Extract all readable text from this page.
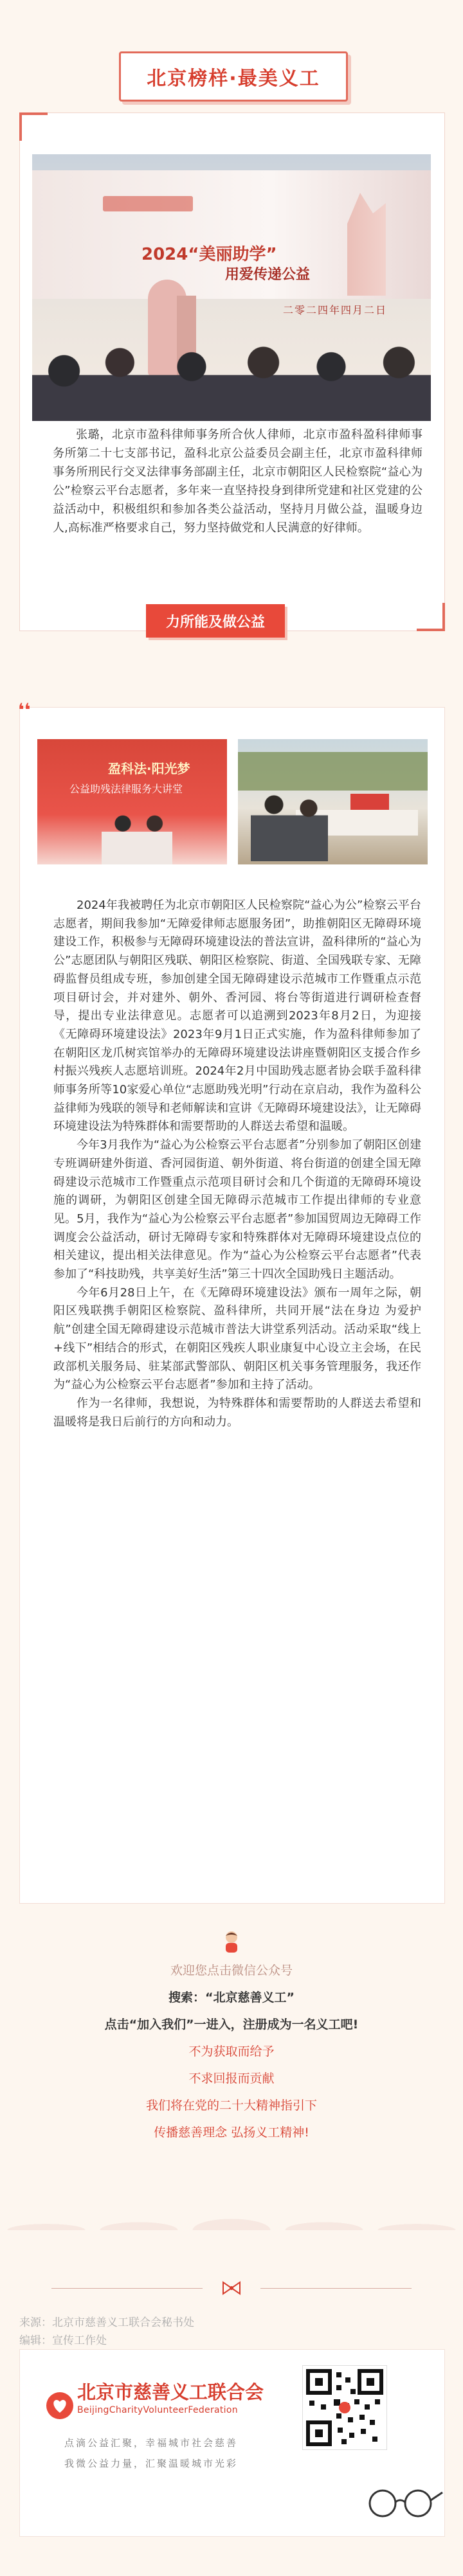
北京榜样·最美义工
2024“美丽助学”
用爱传递公益
二零二四年四月二日

张璐，北京市盈科律师事务所合伙人律师，北京市盈科盈科律师事务所第二十七支部书记，盈科北京公益委员会副主任，北京市盈科律师事务所刑民行交叉法律事务部副主任，北京市朝阳区人民检察院“益心为公”检察云平台志愿者，多年来一直坚持投身到律所党建和社区党建的公益活动中，积极组织和参加各类公益活动，坚持月月做公益，温暖身边人,高标准严格要求自己，努力坚持做党和人民满意的好律师。

力所能及做公益
❛❛
盈科法·阳光梦
公益助残法律服务大讲堂

2024年我被聘任为北京市朝阳区人民检察院“益心为公”检察云平台志愿者，期间我参加“无障爱律师志愿服务团”，助推朝阳区无障碍环境建设工作，积极参与无障碍环境建设法的普法宣讲，盈科律所的“益心为公”志愿团队与朝阳区残联、朝阳区检察院、街道、全国残联专家、无障碍监督员组成专班，参加创建全国无障碍建设示范城市工作暨重点示范项目研讨会，并对建外、朝外、香河园、将台等街道进行调研检查督导，提出专业法律意见。志愿者可以追溯到2023年8月2日，为迎接《无障碍环境建设法》2023年9月1日正式实施，作为盈科律师参加了在朝阳区龙爪树宾馆举办的无障碍环境建设法讲座暨朝阳区支援合作乡村振兴残疾人志愿培训班。2024年2月中国助残志愿者协会联手盈科律师事务所等10家爱心单位“志愿助残光明”行动在京启动，我作为盈科公益律师为残联的领导和老师解读和宣讲《无障碍环境建设法》，让无障碍环境建设法为特殊群体和需要帮助的人群送去希望和温暖。

今年3月我作为“益心为公检察云平台志愿者”分别参加了朝阳区创建专班调研建外街道、香河园街道、朝外街道、将台街道的创建全国无障碍建设示范城市工作暨重点示范项目研讨会和几个街道的无障碍环境设施的调研，为朝阳区创建全国无障碍示范城市工作提出律师的专业意见。5月，我作为“益心为公检察云平台志愿者”参加国贸周边无障碍工作调度会公益活动，研讨无障碍专家和特殊群体对无障碍环境建设点位的相关建议，提出相关法律意见。作为“益心为公检察云平台志愿者”代表参加了“科技助残，共享美好生活”第三十四次全国助残日主题活动。

今年6月28日上午，在《无障碍环境建设法》颁布一周年之际，朝阳区残联携手朝阳区检察院、盈科律所，共同开展“法在身边 为爱护航”创建全国无障碍建设示范城市普法大讲堂系列活动。活动采取“线上+线下”相结合的形式，在朝阳区残疾人职业康复中心设立主会场，在民政部机关服务局、驻某部武警部队、朝阳区机关事务管理服务，我还作为“益心为公检察云平台志愿者”参加和主持了活动。

作为一名律师，我想说，为特殊群体和需要帮助的人群送去希望和温暖将是我日后前行的方向和动力。

欢迎您点击微信公众号
搜索：“北京慈善义工”
点击“加入我们”一进入，注册成为一名义工吧!
不为获取而给予
不求回报而贡献
我们将在党的二十大精神指引下
传播慈善理念 弘扬义工精神!
来源：北京市慈善义工联合会秘书处
编辑：宣传工作处
北京市慈善义工联合会
BeijingCharityVolunteerFederation
点滴公益汇聚，幸福城市社会慈善
我微公益力量，汇聚温暖城市光彩
